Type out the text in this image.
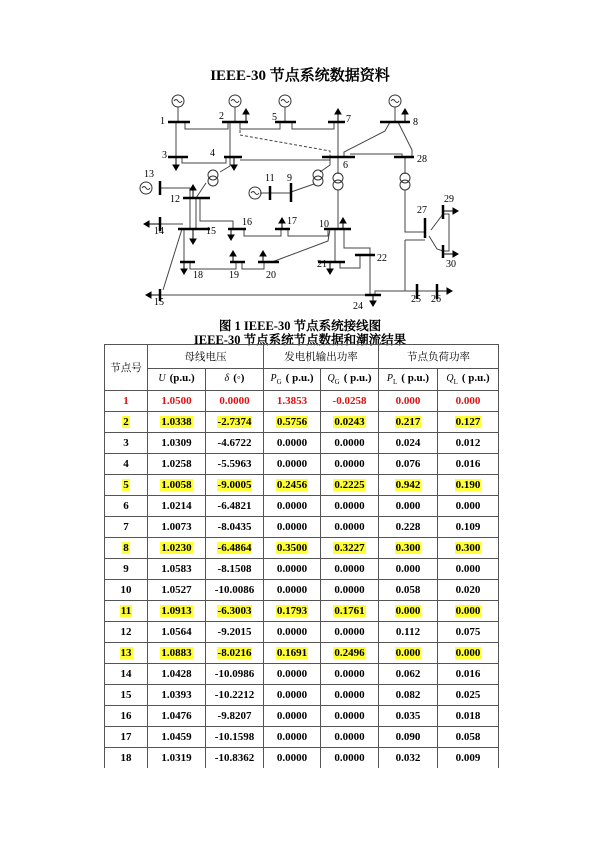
IEEE-30 节点系统数据资料
1	2
3	4
5
6
7	8
9
10
11
12
13
14	15
16	17
18	19	20
21
22
24
15	25 26
27
28
29
30
图 1 IEEE-30 节点系统接线图
IEEE-30 节点系统节点数据和潮流结果
节点号	母线电压		发电机输出功率		节点负荷功率	
	U (p.u.)	δ (◦)	$P_G$ ( p.u.)	$Q_G$ ( p.u.)	$P_L$ ( p.u.)	$Q_L$ ( p.u.)
1	1.0500	0.0000	1.3853	-0.0258	0.000	0.000
2	1.0338	-2.7374	0.5756	0.0243	0.217	0.127
3	1.0309	-4.6722	0.0000	0.0000	0.024	0.012
4	1.0258	-5.5963	0.0000	0.0000	0.076	0.016
5	1.0058	-9.0005	0.2456	0.2225	0.942	0.190
6	1.0214	-6.4821	0.0000	0.0000	0.000	0.000
7	1.0073	-8.0435	0.0000	0.0000	0.228	0.109
8	1.0230	-6.4864	0.3500	0.3227	0.300	0.300
9	1.0583	-8.1508	0.0000	0.0000	0.000	0.000
10	1.0527	-10.0086	0.0000	0.0000	0.058	0.020
11	1.0913	-6.3003	0.1793	0.1761	0.000	0.000
12	1.0564	-9.2015	0.0000	0.0000	0.112	0.075
13	1.0883	-8.0216	0.1691	0.2496	0.000	0.000
14	1.0428	-10.0986	0.0000	0.0000	0.062	0.016
15	1.0393	-10.2212	0.0000	0.0000	0.082	0.025
16	1.0476	-9.8207	0.0000	0.0000	0.035	0.018
17	1.0459	-10.1598	0.0000	0.0000	0.090	0.058
18	1.0319	-10.8362	0.0000	0.0000	0.032	0.009
